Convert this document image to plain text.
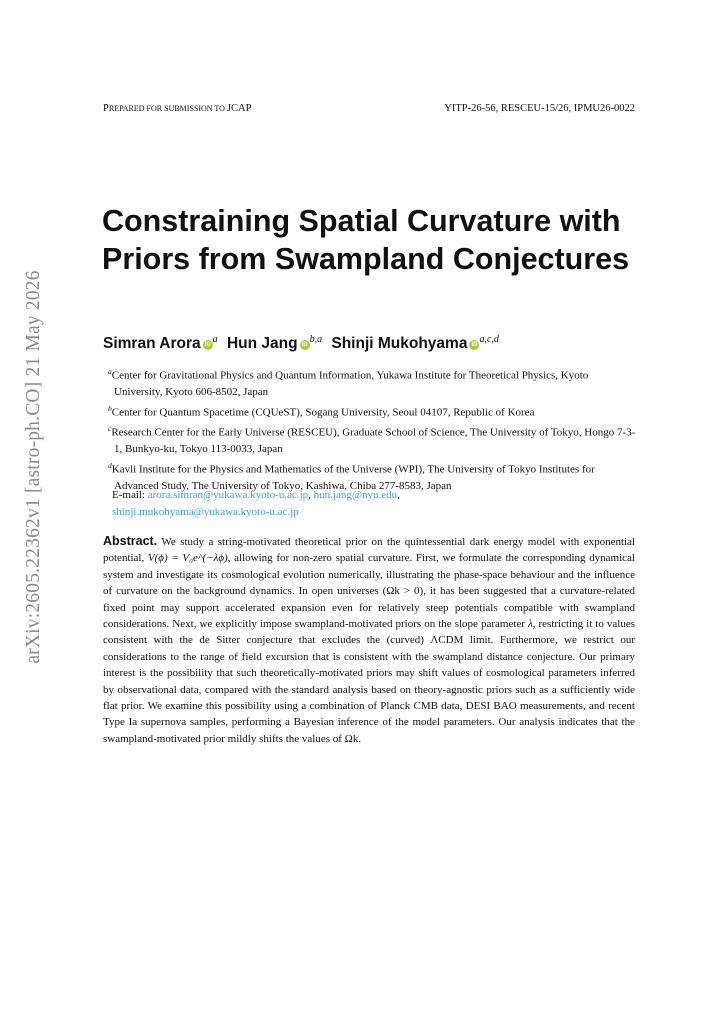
arXiv:2605.22362v1 [astro-ph.CO] 21 May 2026
PREPARED FOR SUBMISSION TO JCAP	YITP-26-56, RESCEU-15/26, IPMU26-0022
Constraining Spatial Curvature with
Priors from Swampland Conjectures
Simran Arora iD $^a$ Hun Jang iD $^{b,a}$ Shinji Mukohyama iD $^{a,c,d}$
$^a$Center for Gravitational Physics and Quantum Information, Yukawa Institute for Theoretical Physics, Kyoto University, Kyoto 606-8502, Japan
$^b$Center for Quantum Spacetime (CQUeST), Sogang University, Seoul 04107, Republic of Korea
$^c$Research Center for the Early Universe (RESCEU), Graduate School of Science, The University of Tokyo, Hongo 7-3-1, Bunkyo-ku, Tokyo 113-0033, Japan
$^d$Kavli Institute for the Physics and Mathematics of the Universe (WPI), The University of Tokyo Institutes for Advanced Study, The University of Tokyo, Kashiwa, Chiba 277-8583, Japan
E-mail: arora.simran@yukawa.kyoto-u.ac.jp, hun.jang@nyu.edu,
shinji.mukohyama@yukawa.kyoto-u.ac.jp

Abstract. We study a string-motivated theoretical prior on the quintessential dark energy model with exponential potential, V(ϕ) = V₀e^(−λϕ), allowing for non-zero spatial curvature. First, we formulate the corresponding dynamical system and investigate its cosmological evolution numerically, illustrating the phase-space behaviour and the influence of curvature on the background dynamics. In open universes (Ωk > 0), it has been suggested that a curvature-related fixed point may support accelerated expansion even for relatively steep potentials compatible with swampland considerations. Next, we explicitly impose swampland-motivated priors on the slope parameter λ, restricting it to values consistent with the de Sitter conjecture that excludes the (curved) ΛCDM limit. Furthermore, we restrict our considerations to the range of field excursion that is consistent with the swampland distance conjecture. Our primary interest is the possibility that such theoretically-motivated priors may shift values of cosmological parameters inferred by observational data, compared with the standard analysis based on theory-agnostic priors such as a sufficiently wide flat prior. We examine this possibility using a combination of Planck CMB data, DESI BAO measurements, and recent Type Ia supernova samples, performing a Bayesian inference of the model parameters. Our analysis indicates that the swampland-motivated prior mildly shifts the values of Ωk.
